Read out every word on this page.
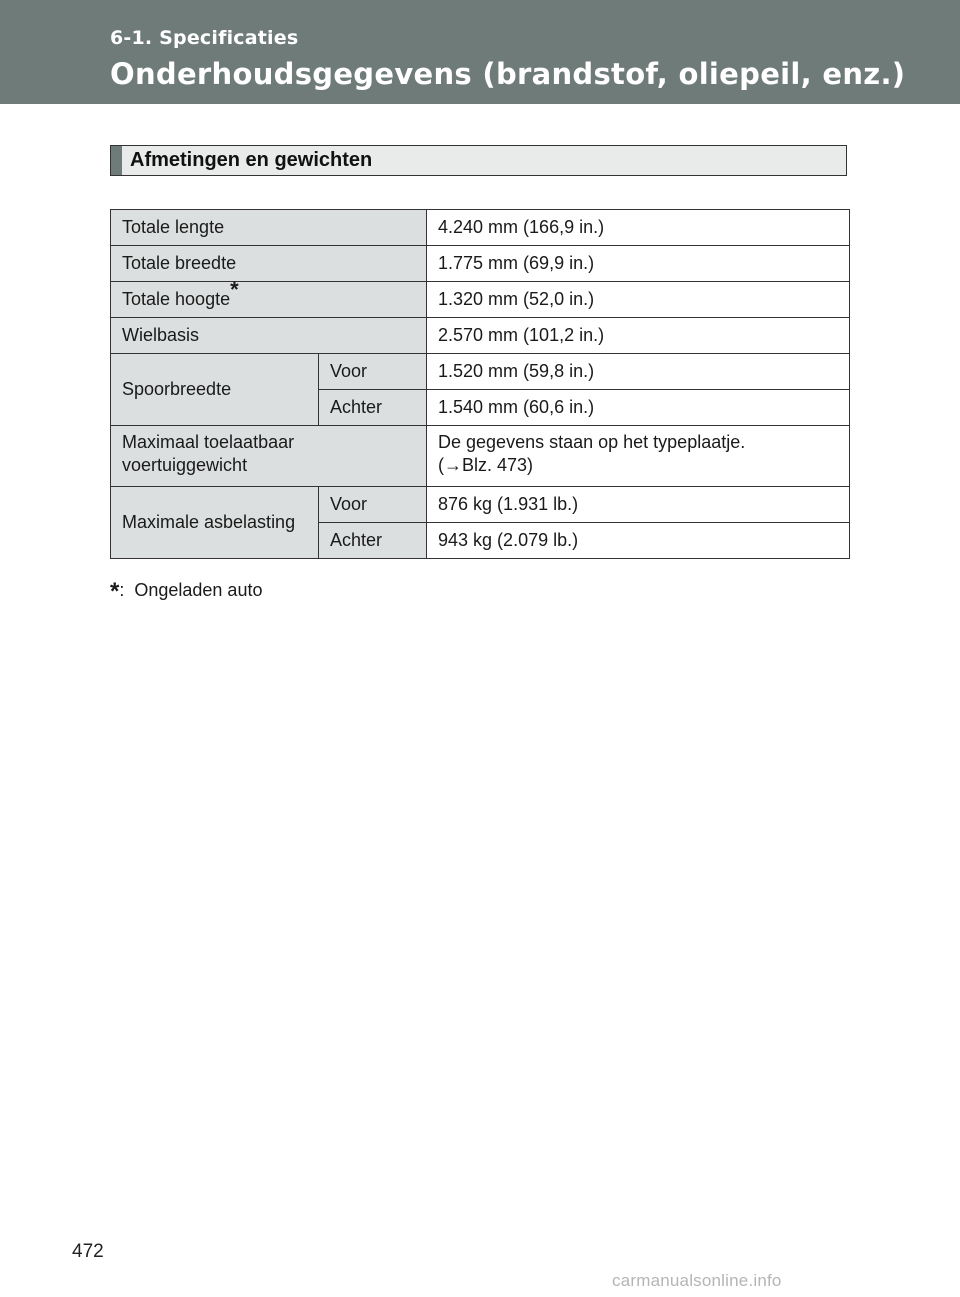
6-1. Specificaties
Onderhoudsgegevens (brandstof, oliepeil, enz.)
Afmetingen en gewichten
Totale lengte		4.240 mm (166,9 in.)
Totale breedte		1.775 mm (69,9 in.)
Totale hoogte*		1.320 mm (52,0 in.)
Wielbasis		2.570 mm (101,2 in.)
Spoorbreedte	Voor	1.520 mm (59,8 in.)
	Achter	1.540 mm (60,6 in.)
Maximaal toelaatbaar voertuiggewicht		De gegevens staan op het typeplaatje.
(→Blz. 473)
Maximale asbelasting	Voor	876 kg (1.931 lb.)
	Achter	943 kg (2.079 lb.)
*: Ongeladen auto
472
carmanualsonline.info
